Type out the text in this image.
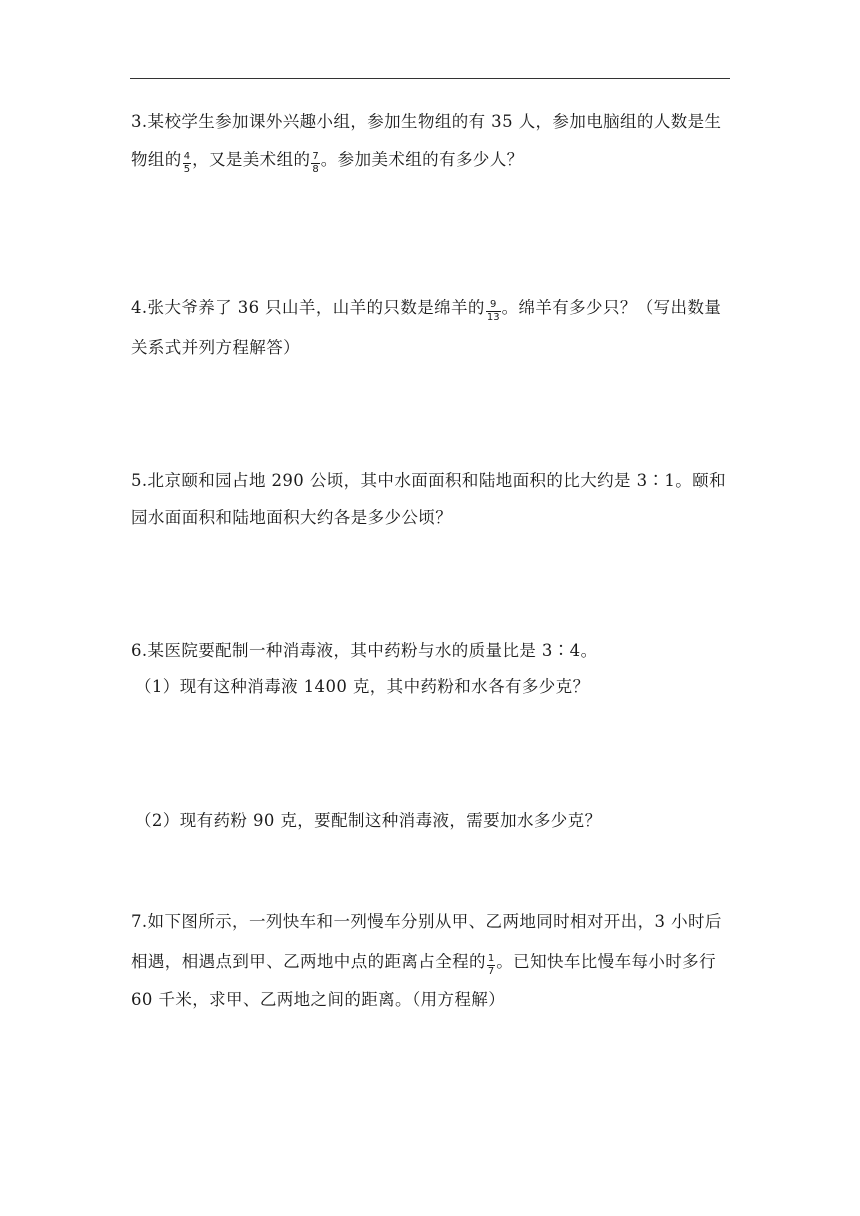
3.某校学生参加课外兴趣小组，参加生物组的有 35 人，参加电脑组的人数是生
物组的 $\frac{4}{5}$ ，又是美术组的 $\frac{7}{8}$ 。参加美术组的有多少人？
4.张大爷养了 36 只山羊，山羊的只数是绵羊的 $\frac{9}{13}$ 。绵羊有多少只？（写出数量
关系式并列方程解答）
5.北京颐和园占地 290 公顷，其中水面面积和陆地面积的比大约是 3∶1。颐和
园水面面积和陆地面积大约各是多少公顷？
6.某医院要配制一种消毒液，其中药粉与水的质量比是 3∶4。
（1）现有这种消毒液 1400 克，其中药粉和水各有多少克？
（2）现有药粉 90 克，要配制这种消毒液，需要加水多少克？
7.如下图所示，一列快车和一列慢车分别从甲、乙两地同时相对开出，3 小时后
相遇，相遇点到甲、乙两地中点的距离占全程的 $\frac{1}{7}$ 。已知快车比慢车每小时多行
60 千米，求甲、乙两地之间的距离。（用方程解）
